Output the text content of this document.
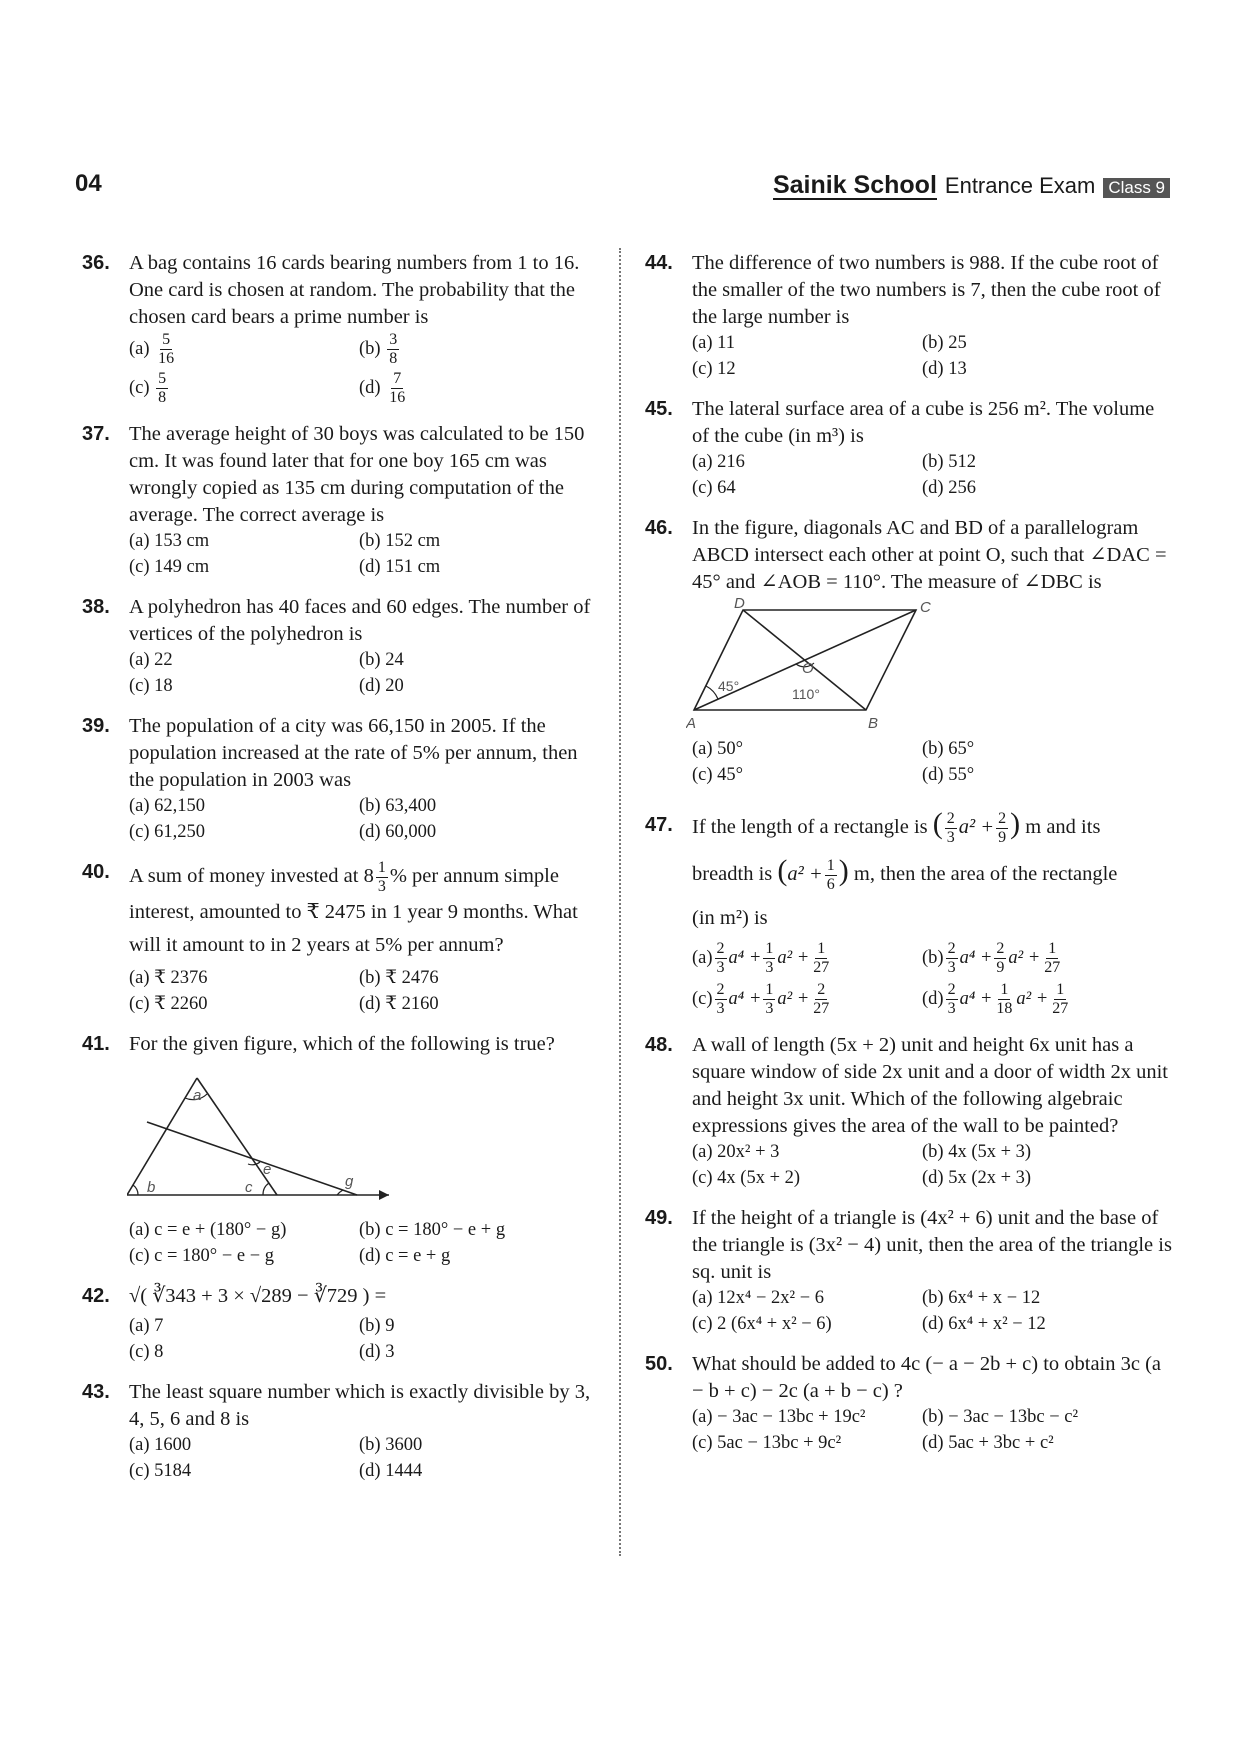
04	Sainik School Entrance Exam Class 9
36. A bag contains 16 cards bearing numbers from 1 to 16. One card is chosen at random. The probability that the chosen card bears a prime number is
$(a) \frac{5}{16}$	$(b) \frac{3}{8}$
$(c) \frac{5}{8}$	$(d) \frac{7}{16}$
37. The average height of 30 boys was calculated to be 150 cm. It was found later that for one boy 165 cm was wrongly copied as 135 cm during computation of the average. The correct average is
(a) 153 cm	(b) 152 cm
(c) 149 cm	(d) 151 cm
38. A polyhedron has 40 faces and 60 edges. The number of vertices of the polyhedron is
(a) 22	(b) 24
(c) 18	(d) 20
39. The population of a city was 66,150 in 2005. If the population increased at the rate of 5% per annum, then the population in 2003 was
(a) 62,150	(b) 63,400
(c) 61,250	(d) 60,000
40. A sum of money invested at $8 \frac{1}{3}$ % per annum simple interest, amounted to ₹ 2475 in 1 year 9 months. What will it amount to in 2 years at 5% per annum?
(a) ₹ 2376	(b) ₹ 2476
(c) ₹ 2260	(d) ₹ 2160
41. For the given figure, which of the following is true?
a
b	c
e
g
(a) c = e + (180° − g)	(b) c = 180° − e + g
(c) c = 180° − e − g	(d) c = e + g
42. √( ∛343 + 3 × √289 − ∛729 ) =
(a) 7	(b) 9
(c) 8	(d) 3
43. The least square number which is exactly divisible by 3, 4, 5, 6 and 8 is
(a) 1600	(b) 3600
(c) 5184	(d) 1444
44. The difference of two numbers is 988. If the cube root of the smaller of the two numbers is 7, then the cube root of the large number is
(a) 11	(b) 25
(c) 12	(d) 13
45. The lateral surface area of a cube is 256 m². The volume of the cube (in m³) is
(a) 216	(b) 512
(c) 64	(d) 256
46. In the figure, diagonals AC and BD of a parallelogram ABCD intersect each other at point O, such that ∠DAC = 45° and ∠AOB = 110°. The measure of ∠DBC is
D	C
A	B
O
45°	110°
(a) 50°	(b) 65°
(c) 45°	(d) 55°
47. If the length of a rectangle is ( $\frac{2}{3} a^2 + \frac{2}{9}$ ) m and its
breadth is ($a^2 + \frac{1}{6}$ ) m, then the area of the rectangle
(in m²) is
$(a) \frac{2}{3} a^4 + \frac{1}{3} a^2 + \frac{1}{27}$	$(b) \frac{2}{3} a^4 + \frac{2}{9} a^2 + \frac{1}{27}$
$(c) \frac{2}{3} a^4 + \frac{1}{3} a^2 + \frac{2}{27}$	$(d) \frac{2}{3} a^4 + \frac{1}{18} a^2 + \frac{1}{27}$
48. A wall of length (5x + 2) unit and height 6x unit has a square window of side 2x unit and a door of width 2x unit and height 3x unit. Which of the following algebraic expressions gives the area of the wall to be painted?
(a) 20x² + 3	(b) 4x (5x + 3)
(c) 4x (5x + 2)	(d) 5x (2x + 3)
49. If the height of a triangle is (4x² + 6) unit and the base of the triangle is (3x² − 4) unit, then the area of the triangle is sq. unit is
(a) 12x⁴ − 2x² − 6	(b) 6x⁴ + x − 12
(c) 2 (6x⁴ + x² − 6)	(d) 6x⁴ + x² − 12
50. What should be added to 4c (− a − 2b + c) to obtain 3c (a − b + c) − 2c (a + b − c) ?
(a) − 3ac − 13bc + 19c²	(b) − 3ac − 13bc − c²
(c) 5ac − 13bc + 9c²	(d) 5ac + 3bc + c²
